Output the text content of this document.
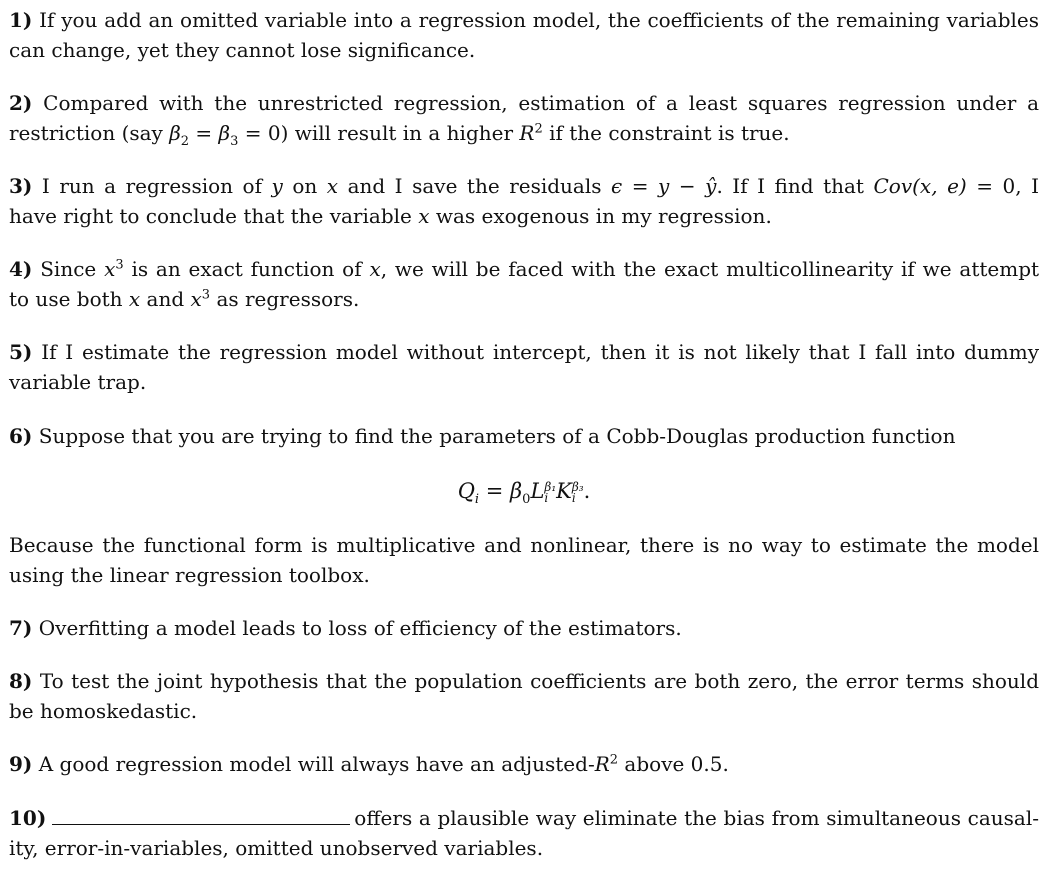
1) If you add an omitted variable into a regression model, the coefficients of the remaining variables
can change, yet they cannot lose significance.
2) Compared with the unrestricted regression, estimation of a least squares regression under a
restriction (say $\beta_2 = \beta_3 = 0$) will result in a higher $R^2$ if the constraint is true.
3) I run a regression of y on x and I save the residuals ϵ = y − ŷ. If I find that Cov(x, e) = 0, I
have right to conclude that the variable x was exogenous in my regression.
4) Since $x^3$ is an exact function of x, we will be faced with the exact multicollinearity if we attempt
to use both x and $x^3$ as regressors.
5) If I estimate the regression model without intercept, then it is not likely that I fall into dummy
variable trap.
6) Suppose that you are trying to find the parameters of a Cobb-Douglas production function
$Q_i = \beta_0L$ β₁
i K β₃
i .
Because the functional form is multiplicative and nonlinear, there is no way to estimate the model
using the linear regression toolbox.
7) Overfitting a model leads to loss of efficiency of the estimators.
8) To test the joint hypothesis that the population coefficients are both zero, the error terms should
be homoskedastic.
9) A good regression model will always have an adjusted-$R^2$ above 0.5.
10)	offers a plausible way eliminate the bias from simultaneous causal-
ity, error-in-variables, omitted unobserved variables.
